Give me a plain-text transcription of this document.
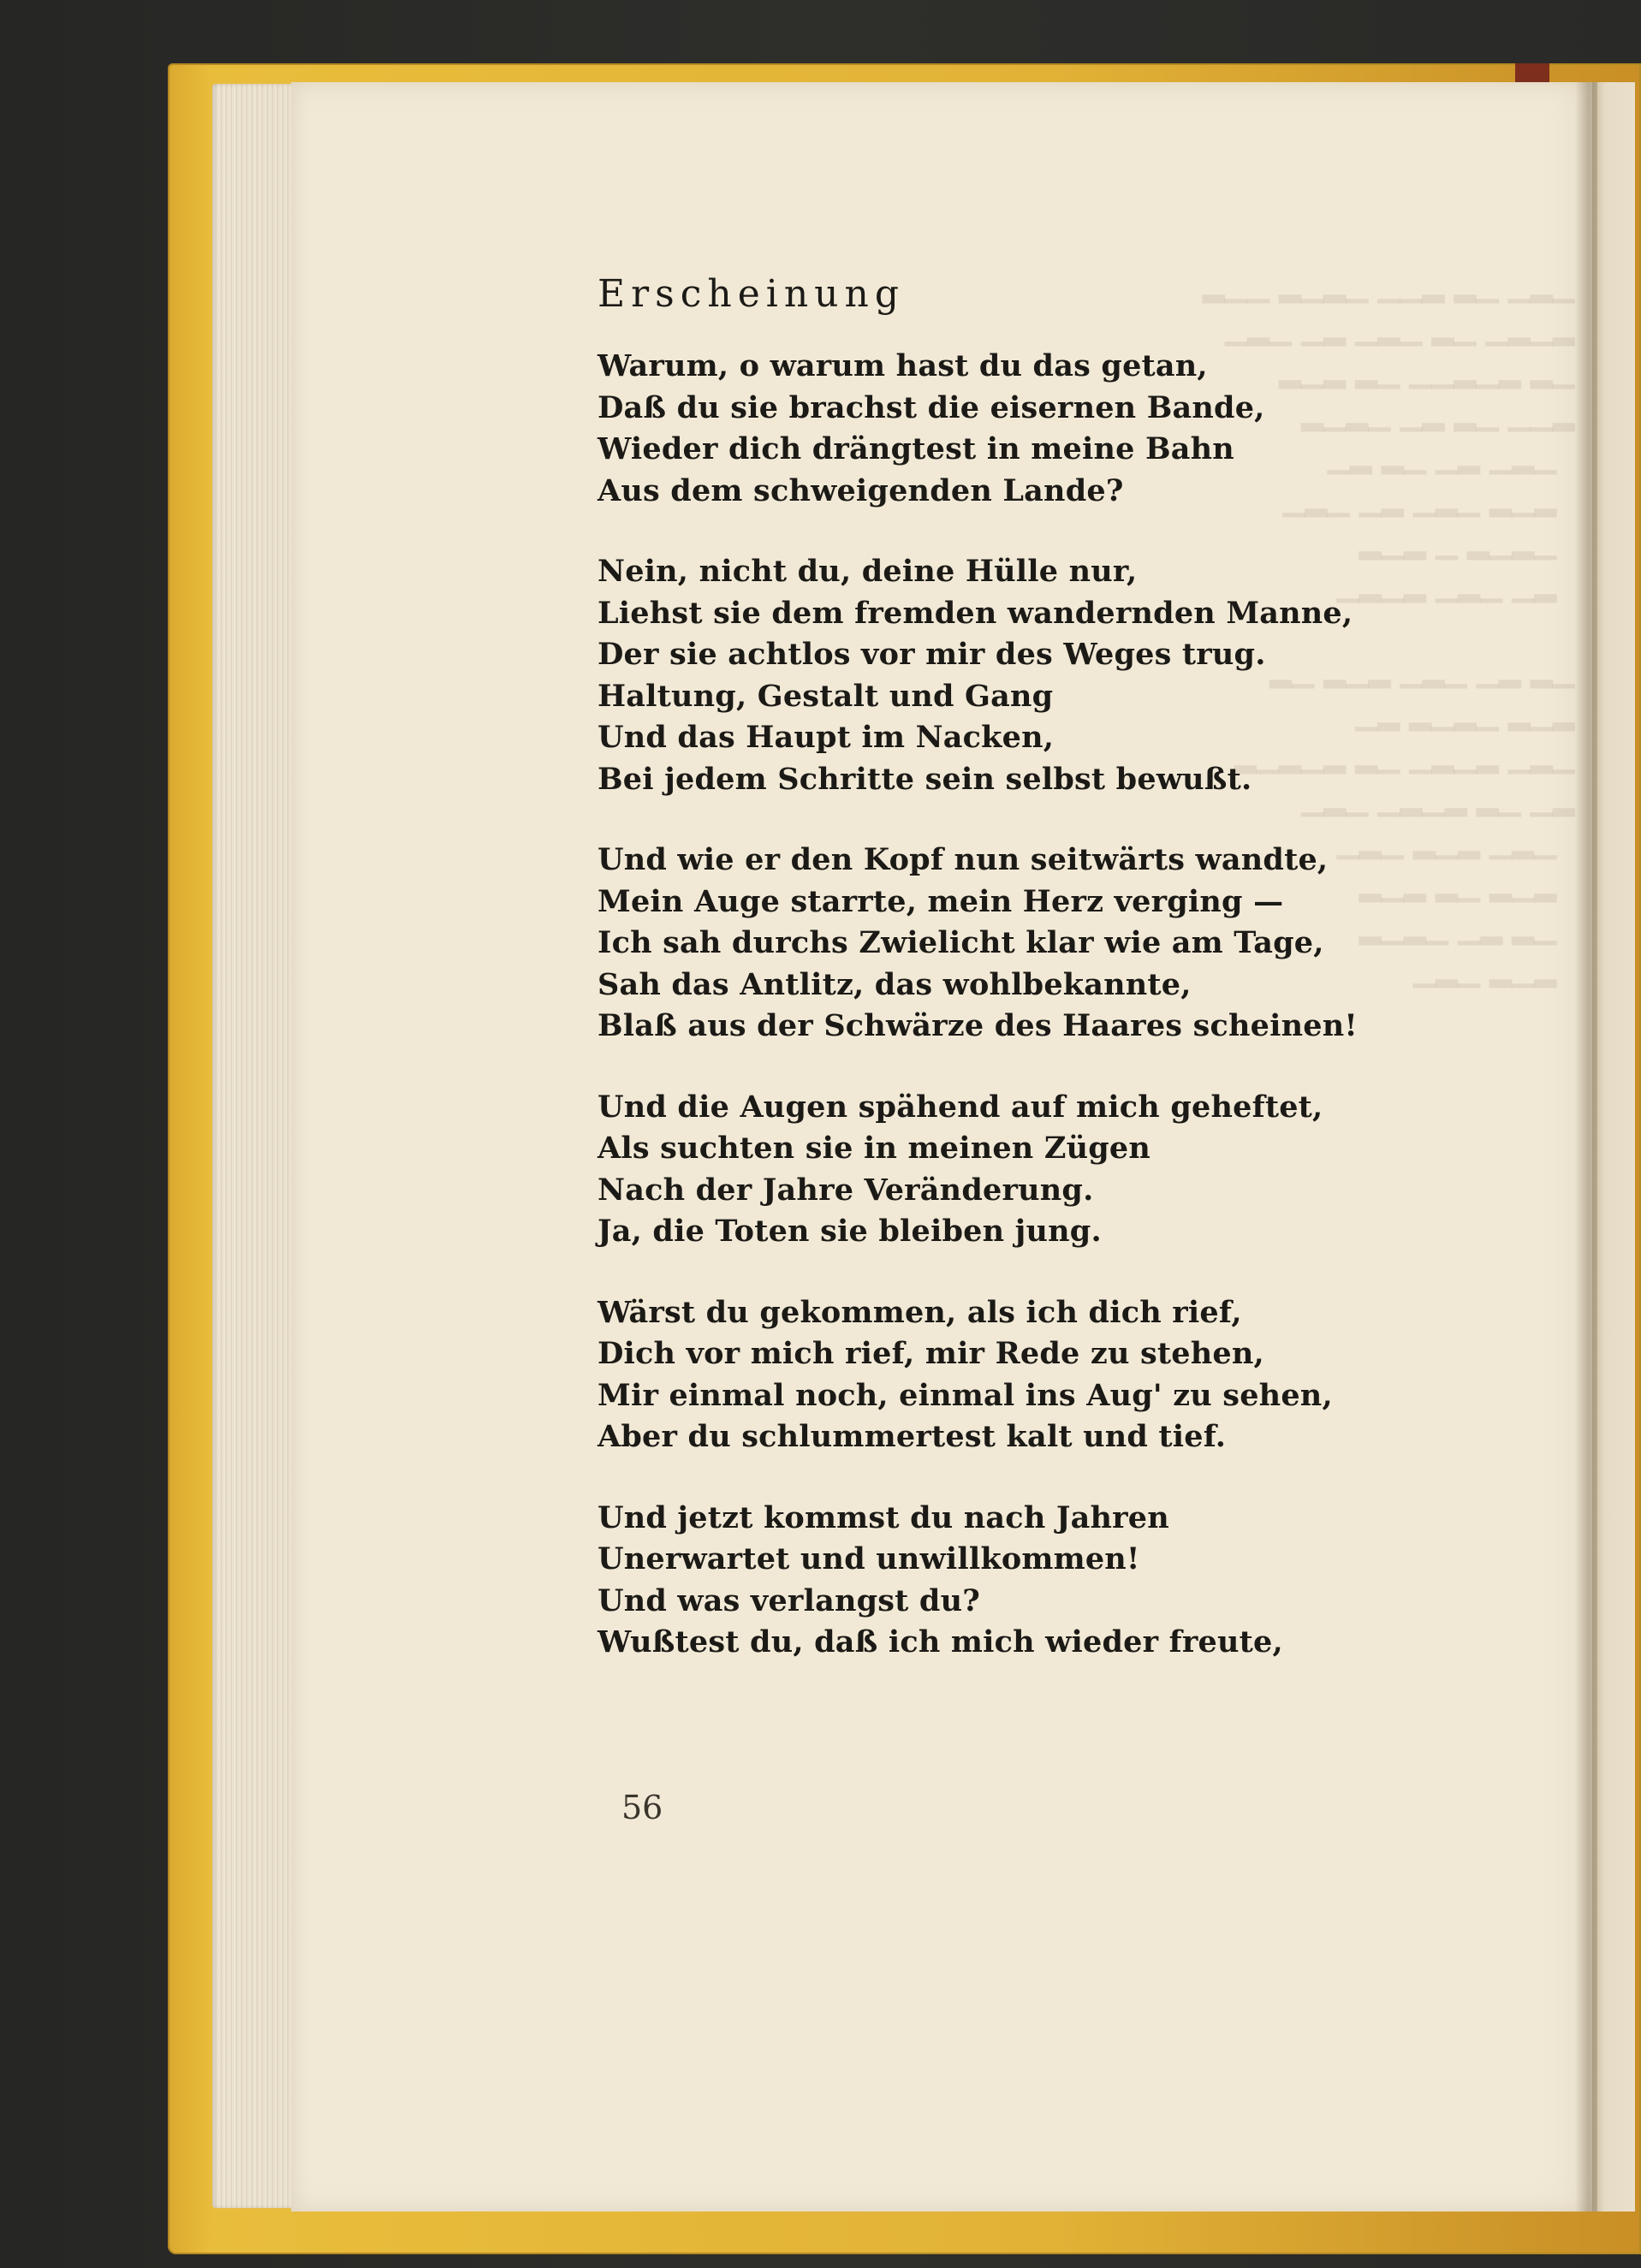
▁▂▁ ▁▂ ▂▁▁ ▁▂▁▂ ▁▁▂
▂▁▂▁ ▁▂ ▁▂▁ ▂▁ ▁▂▁
▁▂ ▂▁▂▁▁ ▁▂ ▂▁▂
▂▁▁ ▁▂ ▂▁ ▁▂▁▂
▁▂▁ ▂▁ ▁▂ ▂▁
▂▁▂ ▁▂▁ ▂▁ ▁▂▁
▁▂▁▂ ▁ ▂▁▂
▂▁ ▁▂▁ ▂▁▂▁

▁▂ ▂▁ ▁▂▁ ▂▁▂ ▁▂
▂▁▂ ▁▂▁▂ ▂▁
▁▂▁ ▂▁▂▁ ▁▂ ▂▁▂▁▂
▂▁ ▁▂ ▂▁▂▁ ▁▂▁
▁▂▁ ▂▁▂ ▁▂▁
▂▁▂ ▁▂ ▂▁▂
▁▂ ▂▁ ▁▂▁▂
▂▁▂ ▁▂▁
Erscheinung
Warum, o warum hast du das getan,
Daß du sie brachst die eisernen Bande,
Wieder dich drängtest in meine Bahn
Aus dem schweigenden Lande?
Nein, nicht du, deine Hülle nur,
Liehst sie dem fremden wandernden Manne,
Der sie achtlos vor mir des Weges trug.
Haltung, Gestalt und Gang
Und das Haupt im Nacken,
Bei jedem Schritte sein selbst bewußt.
Und wie er den Kopf nun seitwärts wandte,
Mein Auge starrte, mein Herz verging —
Ich sah durchs Zwielicht klar wie am Tage,
Sah das Antlitz, das wohlbekannte,
Blaß aus der Schwärze des Haares scheinen!
Und die Augen spähend auf mich geheftet,
Als suchten sie in meinen Zügen
Nach der Jahre Veränderung.
Ja, die Toten sie bleiben jung.
Wärst du gekommen, als ich dich rief,
Dich vor mich rief, mir Rede zu stehen,
Mir einmal noch, einmal ins Aug' zu sehen,
Aber du schlummertest kalt und tief.
Und jetzt kommst du nach Jahren
Unerwartet und unwillkommen!
Und was verlangst du?
Wußtest du, daß ich mich wieder freute,
56
